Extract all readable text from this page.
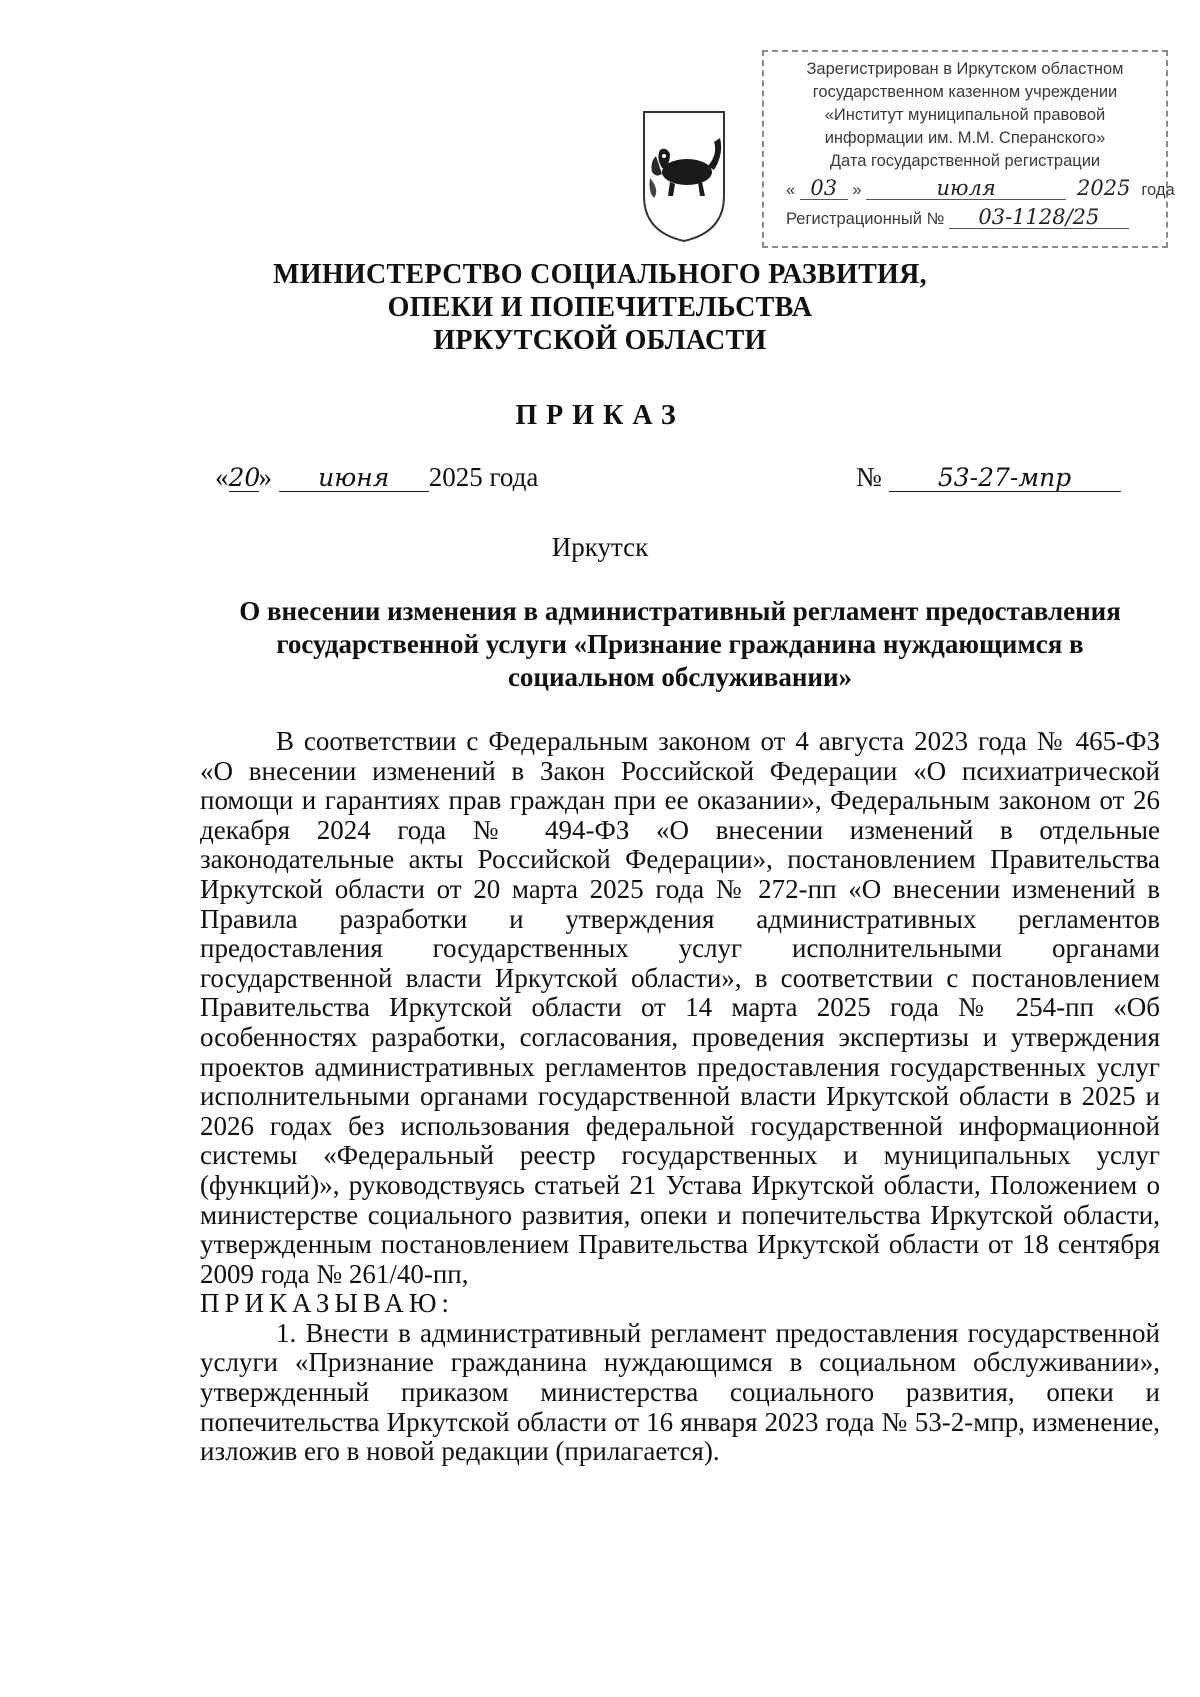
Зарегистрирован в Иркутском областном
государственном казенном учреждении
«Институт муниципальной правовой
информации им. М.М. Сперанского»
Дата государственной регистрации
« 03 »	июля	2025 года
Регистрационный № 03-1128/25
МИНИСТЕРСТВО СОЦИАЛЬНОГО РАЗВИТИЯ,
ОПЕКИ И ПОПЕЧИТЕЛЬСТВА
ИРКУТСКОЙ ОБЛАСТИ
ПРИКАЗ
«20» июня 2025 года	№ 53-27-мпр
Иркутск
О внесении изменения в административный регламент предоставления
государственной услуги «Признание гражданина нуждающимся в
социальном обслуживании»

В соответствии с Федеральным законом от 4 августа 2023 года № 465-ФЗ «О внесении изменений в Закон Российской Федерации «О психиатрической помощи и гарантиях прав граждан при ее оказании», Федеральным законом от 26 декабря 2024 года № 494-ФЗ «О внесении изменений в отдельные законодательные акты Российской Федерации», постановлением Правительства Иркутской области от 20 марта 2025 года № 272-пп «О внесении изменений в Правила разработки и утверждения административных регламентов предоставления государственных услуг исполнительными органами государственной власти Иркутской области», в соответствии с постановлением Правительства Иркутской области от 14 марта 2025 года № 254-пп «Об особенностях разработки, согласования, проведения экспертизы и утверждения проектов административных регламентов предоставления государственных услуг исполнительными органами государственной власти Иркутской области в 2025 и 2026 годах без использования федеральной государственной информационной системы «Федеральный реестр государственных и муниципальных услуг (функций)», руководствуясь статьей 21 Устава Иркутской области, Положением о министерстве социального развития, опеки и попечительства Иркутской области, утвержденным постановлением Правительства Иркутской области от 18 сентября 2009 года № 261/40-пп,

ПРИКАЗЫВАЮ:

1. Внести в административный регламент предоставления государственной услуги «Признание гражданина нуждающимся в социальном обслуживании», утвержденный приказом министерства социального развития, опеки и попечительства Иркутской области от 16 января 2023 года № 53-2-мпр, изменение, изложив его в новой редакции (прилагается).
